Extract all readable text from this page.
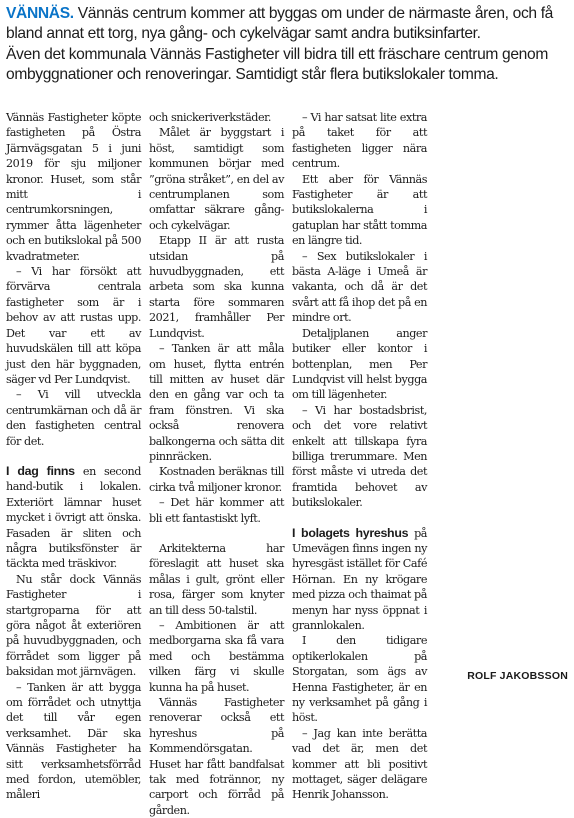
VÄNNÄS. Vännäs centrum kommer att byggas om under de närmaste åren, och få bland annat ett torg, nya gång- och cykelvägar samt andra butiksinfarter.

Även det kommunala Vännäs Fastigheter vill bidra till ett fräschare centrum genom ombyggnationer och renoveringar. Samtidigt står flera butikslokaler tomma.

Vännäs Fastigheter köpte fastigheten på Östra Järnvägsgatan 5 i juni 2019 för sju miljoner kronor. Huset, som står mitt i centrumkorsningen, rymmer åtta lägenheter och en butikslokal på 500 kvadratmeter.

– Vi har försökt att förvärva centrala fastigheter som är i behov av att rustas upp. Det var ett av huvudskälen till att köpa just den här byggnaden, säger vd Per Lundqvist.

– Vi vill utveckla centrumkärnan och då är den fastigheten central för det.

I dag finns en second hand-butik i lokalen. Exteriört lämnar huset mycket i övrigt att önska. Fasaden är sliten och några butiksfönster är täckta med träskivor.

Nu står dock Vännäs Fastigheter i startgroparna för att göra något åt exteriören på huvudbyggnaden, och förrådet som ligger på baksidan mot järnvägen.

– Tanken är att bygga om förrådet och utnyttja det till vår egen verksamhet. Där ska Vännäs Fastigheter ha sitt verksamhetsförråd med fordon, utemöbler, måleri

och snickeriverkstäder.

Målet är byggstart i höst, samtidigt som kommunen börjar med ”gröna stråket”, en del av centrumplanen som omfattar säkrare gång- och cykelvägar.

Etapp II är att rusta utsidan på huvudbyggnaden, ett arbeta som ska kunna starta före sommaren 2021, framhåller Per Lundqvist.

– Tanken är att måla om huset, flytta entrén till mitten av huset där den en gång var och ta fram fönstren. Vi ska också renovera balkongerna och sätta dit pinnräcken.

Kostnaden beräknas till cirka två miljoner kronor.

– Det här kommer att bli ett fantastiskt lyft.

Arkitekterna har föreslagit att huset ska målas i gult, grönt eller rosa, färger som knyter an till dess 50-talstil.

– Ambitionen är att medborgarna ska få vara med och bestämma vilken färg vi skulle kunna ha på huset.

Vännäs Fastigheter renoverar också ett hyreshus på Kommendörsgatan. Huset har fått bandfalsat tak med fotrännor, ny carport och förråd på gården.

– Vi har satsat lite extra på taket för att fastigheten ligger nära centrum.

Ett aber för Vännäs Fastigheter är att butikslokalerna i gatuplan har stått tomma en längre tid.

– Sex butikslokaler i bästa A-läge i Umeå är vakanta, och då är det svårt att få ihop det på en mindre ort.

Detaljplanen anger butiker eller kontor i bottenplan, men Per Lundqvist vill helst bygga om till lägenheter.

– Vi har bostadsbrist, och det vore relativt enkelt att tillskapa fyra billiga trerummare. Men först måste vi utreda det framtida behovet av butikslokaler.

I bolagets hyreshus på Umevägen finns ingen ny hyresgäst istället för Café Hörnan. En ny krögare med pizza och thaimat på menyn har nyss öppnat i grannlokalen.

I den tidigare optikerlokalen på Storgatan, som ägs av Henna Fastigheter, är en ny verksamhet på gång i höst.

– Jag kan inte berätta vad det är, men det kommer att bli positivt mottaget, säger delägare Henrik Johansson.

ROLF JAKOBSSON
